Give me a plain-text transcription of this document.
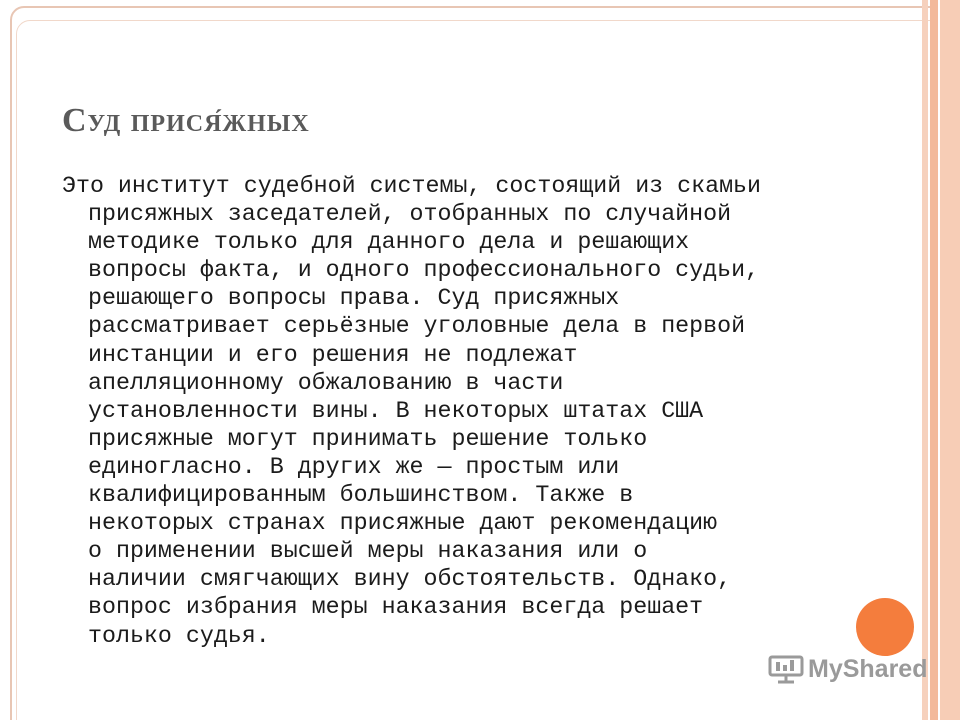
Суд прися́жных
Это институт судебной системы, состоящий из скамьи
присяжных заседателей, отобранных по случайной
методике только для данного дела и решающих
вопросы факта, и одного профессионального судьи,
решающего вопросы права. Суд присяжных
рассматривает серьёзные уголовные дела в первой
инстанции и его решения не подлежат
апелляционному обжалованию в части
установленности вины. В некоторых штатах США
присяжные могут принимать решение только
единогласно. В других же — простым или
квалифицированным большинством. Также в
некоторых странах присяжные дают рекомендацию
о применении высшей меры наказания или о
наличии смягчающих вину обстоятельств. Однако,
вопрос избрания меры наказания всегда решает
только судья.
MyShared
